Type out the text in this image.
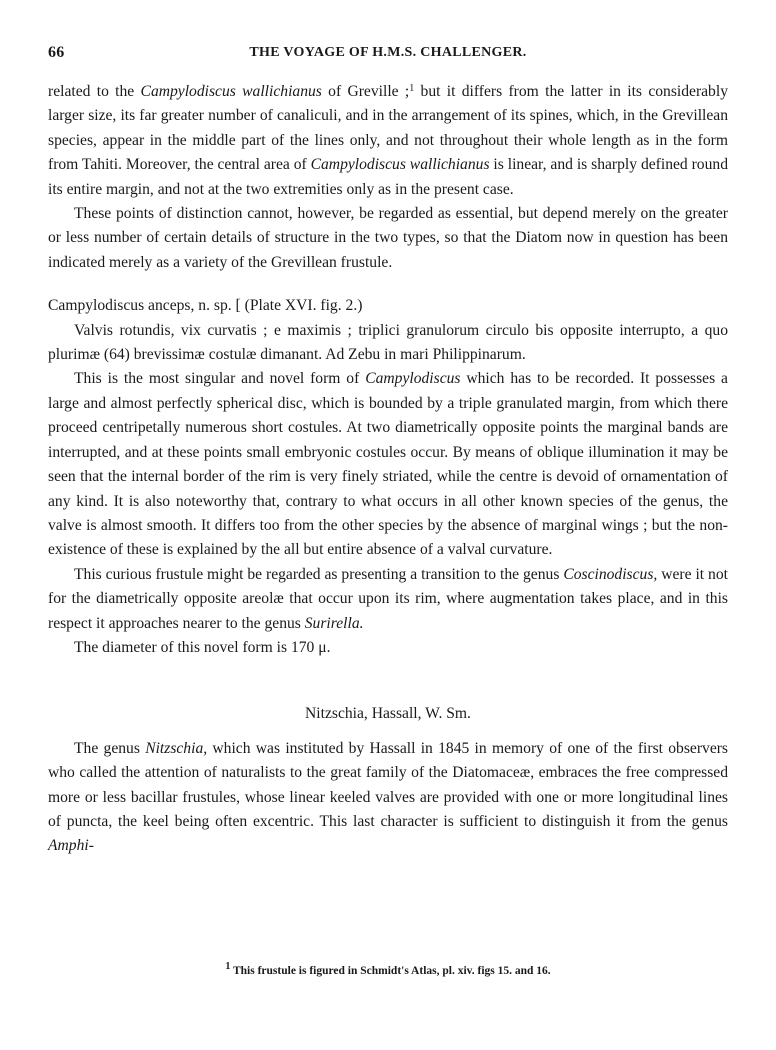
66	THE VOYAGE OF H.M.S. CHALLENGER.

related to the Campylodiscus wallichianus of Greville ;$^1$ but it differs from the latter in its considerably larger size, its far greater number of canaliculi, and in the arrangement of its spines, which, in the Grevillean species, appear in the middle part of the lines only, and not throughout their whole length as in the form from Tahiti. Moreover, the central area of Campylodiscus wallichianus is linear, and is sharply defined round its entire margin, and not at the two extremities only as in the present case.

These points of distinction cannot, however, be regarded as essential, but depend merely on the greater or less number of certain details of structure in the two types, so that the Diatom now in question has been indicated merely as a variety of the Grevillean frustule.

Campylodiscus anceps, n. sp. [ (Plate XVI. fig. 2.)

Valvis rotundis, vix curvatis ; e maximis ; triplici granulorum circulo bis opposite interrupto, a quo plurimæ (64) brevissimæ costulæ dimanant. Ad Zebu in mari Philippinarum.

This is the most singular and novel form of Campylodiscus which has to be recorded. It possesses a large and almost perfectly spherical disc, which is bounded by a triple granulated margin, from which there proceed centripetally numerous short costules. At two diametrically opposite points the marginal bands are interrupted, and at these points small embryonic costules occur. By means of oblique illumination it may be seen that the internal border of the rim is very finely striated, while the centre is devoid of ornamentation of any kind. It is also noteworthy that, contrary to what occurs in all other known species of the genus, the valve is almost smooth. It differs too from the other species by the absence of marginal wings ; but the non-existence of these is explained by the all but entire absence of a valval curvature.

This curious frustule might be regarded as presenting a transition to the genus Coscinodiscus, were it not for the diametrically opposite areolæ that occur upon its rim, where augmentation takes place, and in this respect it approaches nearer to the genus Surirella.

The diameter of this novel form is 170 μ.

Nitzschia, Hassall, W. Sm.

The genus Nitzschia, which was instituted by Hassall in 1845 in memory of one of the first observers who called the attention of naturalists to the great family of the Diatomaceæ, embraces the free compressed more or less bacillar frustules, whose linear keeled valves are provided with one or more longitudinal lines of puncta, the keel being often excentric. This last character is sufficient to distinguish it from the genus Amphi-

$^1$ This frustule is figured in Schmidt's Atlas, pl. xiv. figs 15. and 16.
